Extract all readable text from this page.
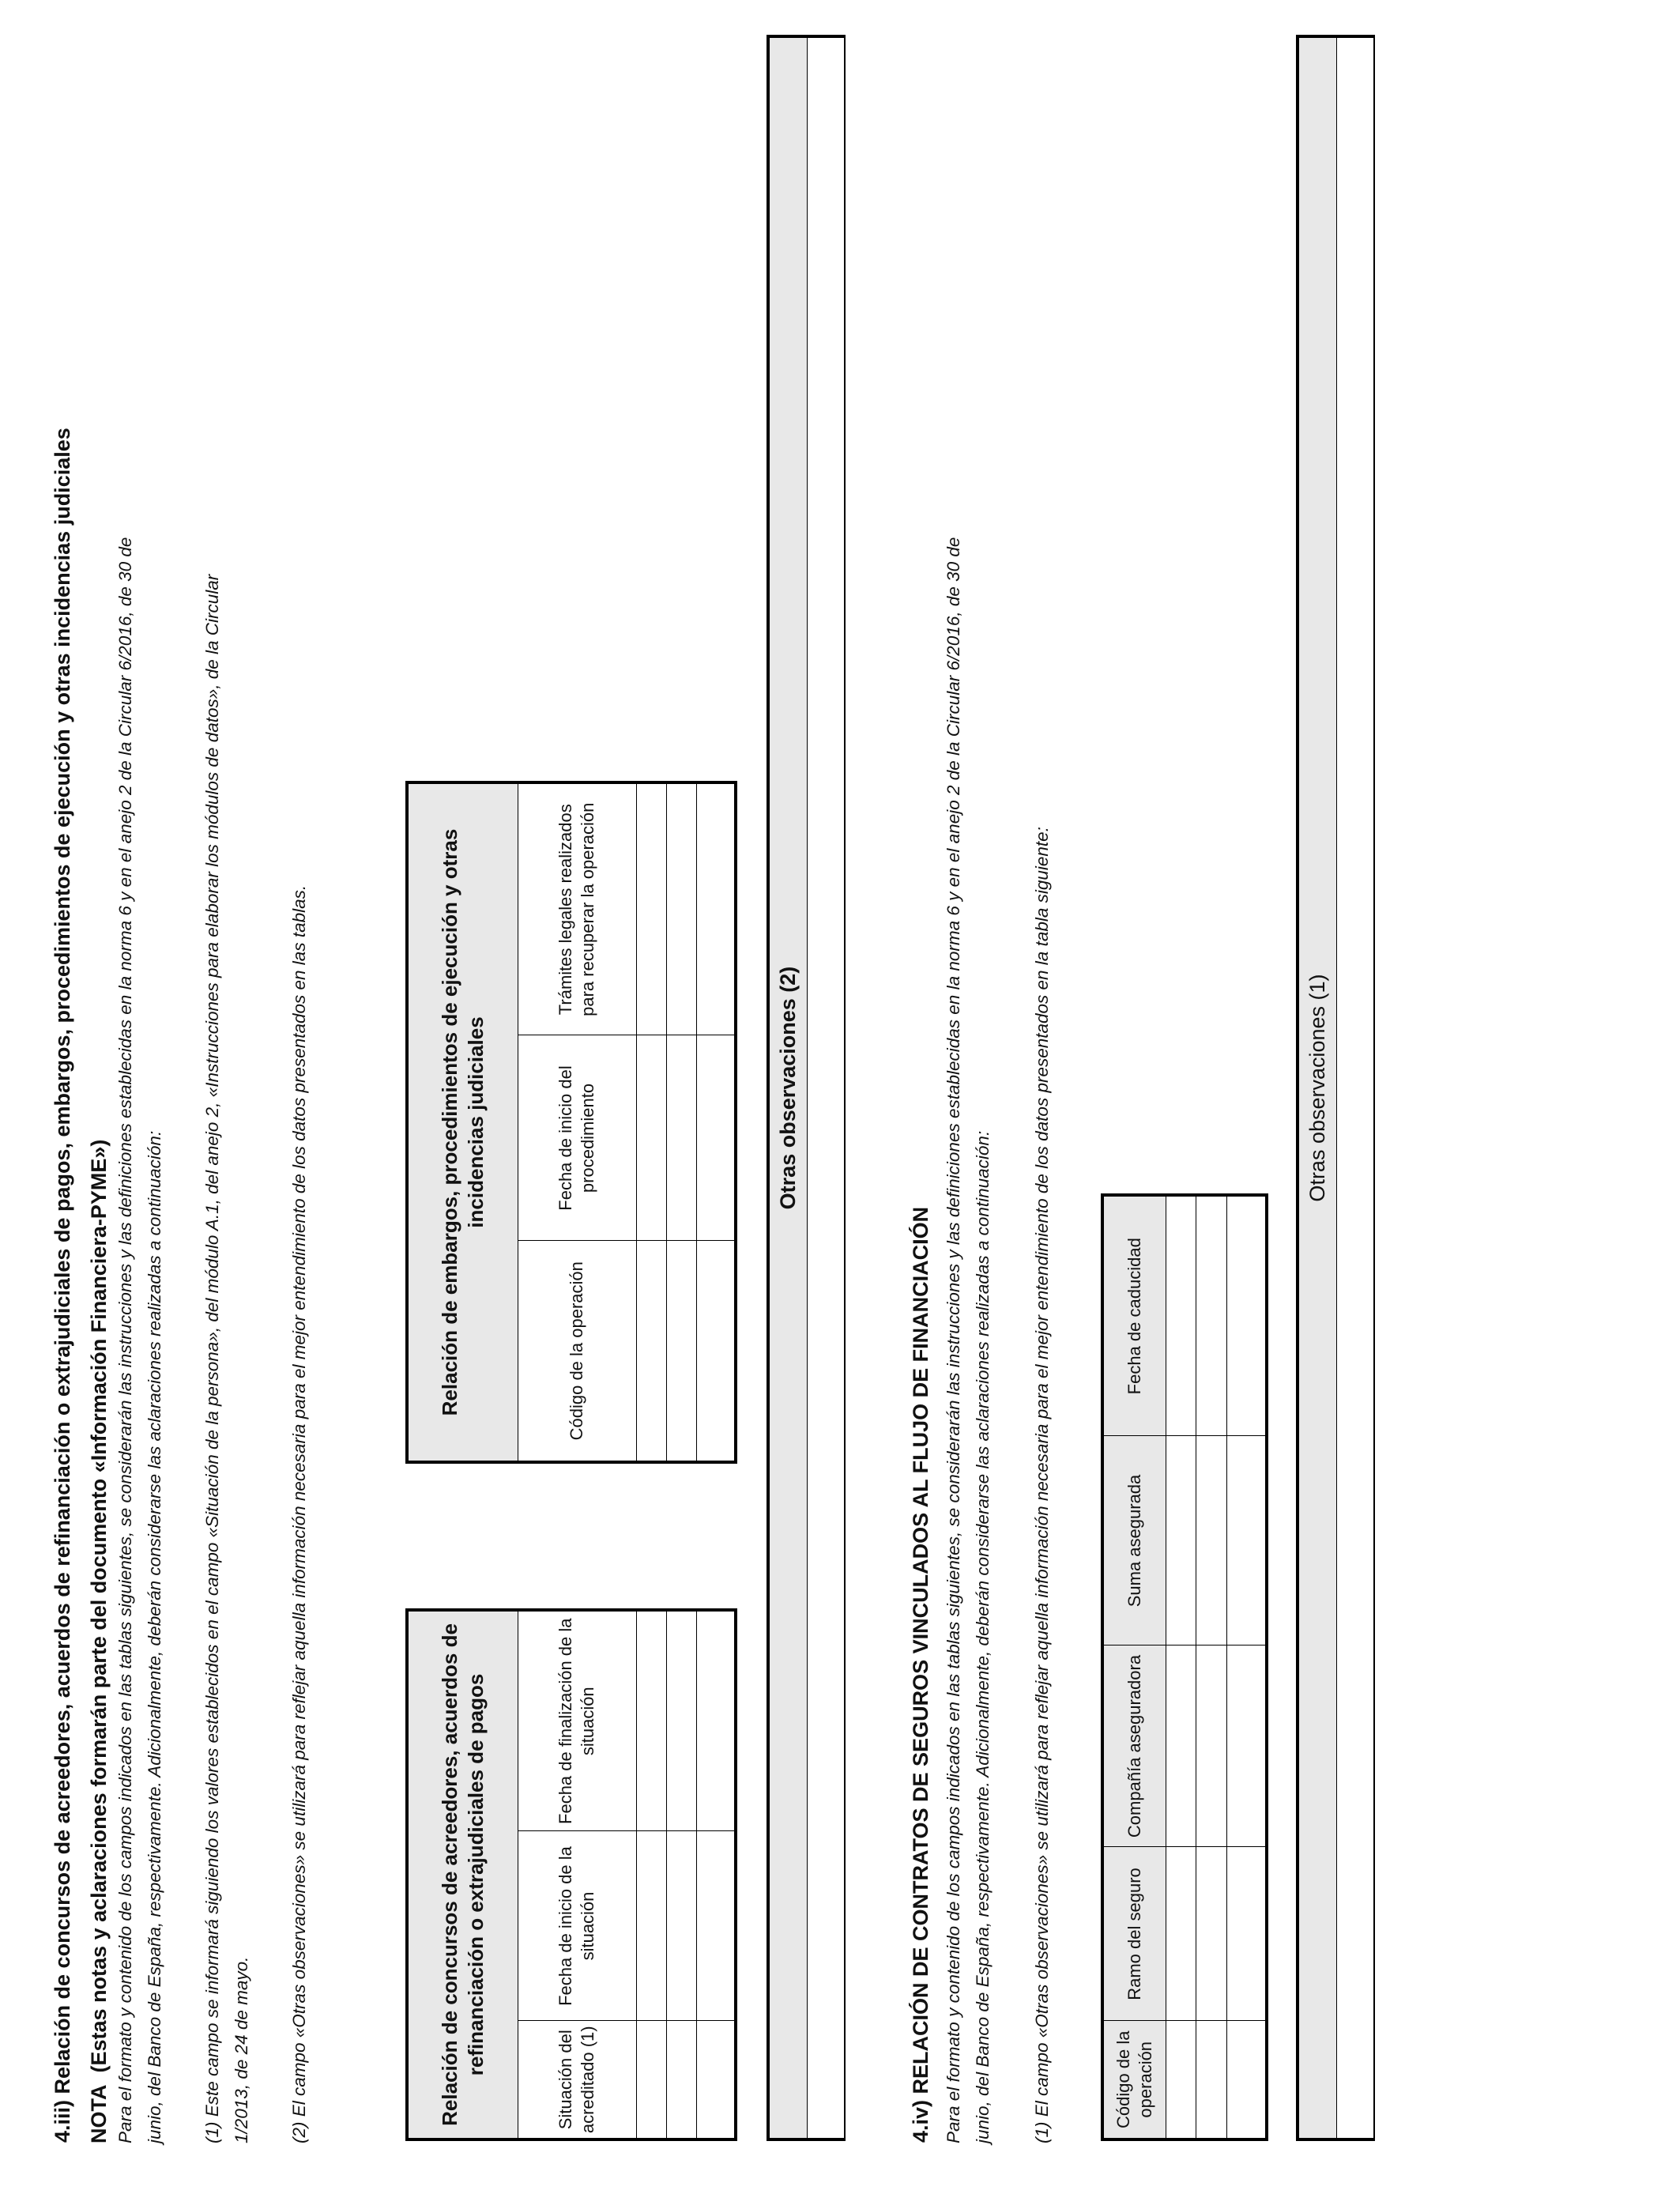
4.iii) Relación de concursos de acreedores, acuerdos de refinanciación o extrajudiciales de pagos, embargos, procedimientos de ejecución y otras incidencias judiciales NOTA  (Estas notas y aclaraciones formarán parte del documento «Información Financiera-PYME») Para el formato y contenido de los campos indicados en las tablas siguientes, se considerarán las instrucciones y las definiciones establecidas en la norma 6 y en el anejo 2 de la Circular 6/2016, de 30 de junio, del Banco de España, respectivamente. Adicionalmente, deberán considerarse las aclaraciones realizadas a continuación: (1) Este campo se informará siguiendo los valores establecidos en el campo «Situación de la persona», del módulo A.1, del anejo 2, «Instrucciones para elaborar los módulos de datos», de la Circular 1/2013, de 24 de mayo. (2) El campo «Otras observaciones» se utilizará para reflejar aquella información necesaria para el mejor entendimiento de los datos presentados en las tablas.	Relación de concursos de acreedores, acuerdos de refinanciación o extrajudiciales de pagos		
Situación del acreditado (1)	Fecha de inicio de la situación	Fecha de finalización de la situación

Relación de embargos, procedimientos de ejecución y otras incidencias judiciales		
Código de la operación	Fecha de inicio del procedimiento	Trámites legales realizados para recuperar la operación

Otras observaciones (2)
4.iv) RELACIÓN DE CONTRATOS DE SEGUROS VINCULADOS AL FLUJO DE FINANCIACIÓN Para el formato y contenido de los campos indicados en las tablas siguientes, se considerarán las instrucciones y las definiciones establecidas en la norma 6 y en el anejo 2 de la Circular 6/2016, de 30 de junio, del Banco de España, respectivamente. Adicionalmente, deberán considerarse las aclaraciones realizadas a continuación: (1) El campo «Otras observaciones» se utilizará para reflejar aquella información necesaria para el mejor entendimiento de los datos presentados en la tabla siguiente:	Código de la operación	Ramo del seguro	Compañía aseguradora	Suma asegurada	Fecha de caducidad

Otras observaciones (1)
